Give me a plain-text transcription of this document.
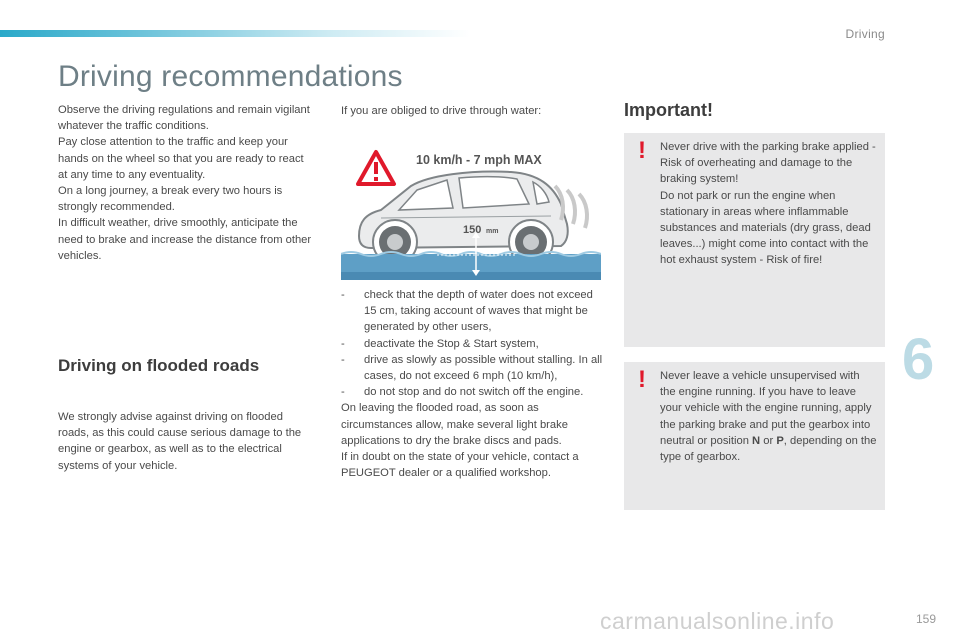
Driving
Driving recommendations

Observe the driving regulations and remain vigilant whatever the traffic conditions.

Pay close attention to the traffic and keep your hands on the wheel so that you are ready to react at any time to any eventuality.

On a long journey, a break every two hours is strongly recommended.

In difficult weather, drive smoothly, anticipate the need to brake and increase the distance from other vehicles.

Driving on flooded roads

We strongly advise against driving on flooded roads, as this could cause serious damage to the engine or gearbox, as well as to the electrical systems of your vehicle.

If you are obliged to drive through water:

10 km/h - 7 mph MAX
150 mm
- check that the depth of water does not exceed 15 cm, taking account of waves that might be generated by other users,
- deactivate the Stop & Start system,
- drive as slowly as possible without stalling. In all cases, do not exceed 6 mph (10 km/h),
- do not stop and do not switch off the engine.

On leaving the flooded road, as soon as circumstances allow, make several light brake applications to dry the brake discs and pads.

If in doubt on the state of your vehicle, contact a PEUGEOT dealer or a qualified workshop.

Important!
! Never drive with the parking brake applied - Risk of overheating and damage to the braking system!

Do not park or run the engine when stationary in areas where inflammable substances and materials (dry grass, dead leaves...) might come into contact with the hot exhaust system - Risk of fire!

! Never leave a vehicle unsupervised with the engine running. If you have to leave your vehicle with the engine running, apply the parking brake and put the gearbox into neutral or position N or P, depending on the type of gearbox.

6
carmanualsonline.info	159
